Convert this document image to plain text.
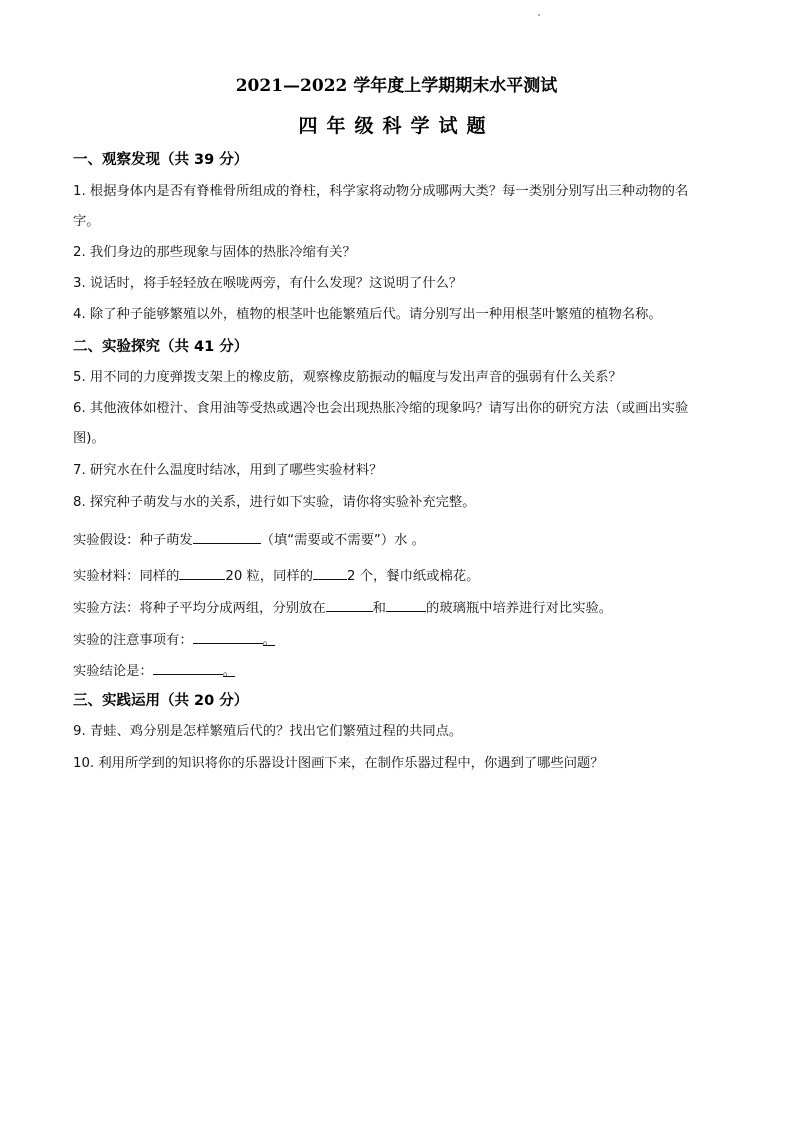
2021—2022 学年度上学期期末水平测试
四年级科学试题
一、观察发现（共 39 分）
1. 根据身体内是否有脊椎骨所组成的脊柱，科学家将动物分成哪两大类？每一类别分别写出三种动物的名
字。
2. 我们身边的那些现象与固体的热胀冷缩有关？
3. 说话时，将手轻轻放在喉咙两旁，有什么发现？这说明了什么？
4. 除了种子能够繁殖以外，植物的根茎叶也能繁殖后代。请分别写出一种用根茎叶繁殖的植物名称。
二、实验探究（共 41 分）
5. 用不同的力度弹拨支架上的橡皮筋，观察橡皮筋振动的幅度与发出声音的强弱有什么关系？
6. 其他液体如橙汁、食用油等受热或遇冷也会出现热胀冷缩的现象吗？请写出你的研究方法（或画出实验
图)。
7. 研究水在什么温度时结冰，用到了哪些实验材料？
8. 探究种子萌发与水的关系，进行如下实验，请你将实验补充完整。
实验假设：种子萌发	（填“需要或不需要”）水 。
实验材料：同样的	20 粒，同样的	2 个，餐巾纸或棉花。
实验方法：将种子平均分成两组，分别放在	和	的玻璃瓶中培养进行对比实验。
实验的注意事项有：	。
实验结论是：	。
三、实践运用（共 20 分）
9. 青蛙、鸡分别是怎样繁殖后代的？找出它们繁殖过程的共同点。
10. 利用所学到的知识将你的乐器设计图画下来，在制作乐器过程中，你遇到了哪些问题？
